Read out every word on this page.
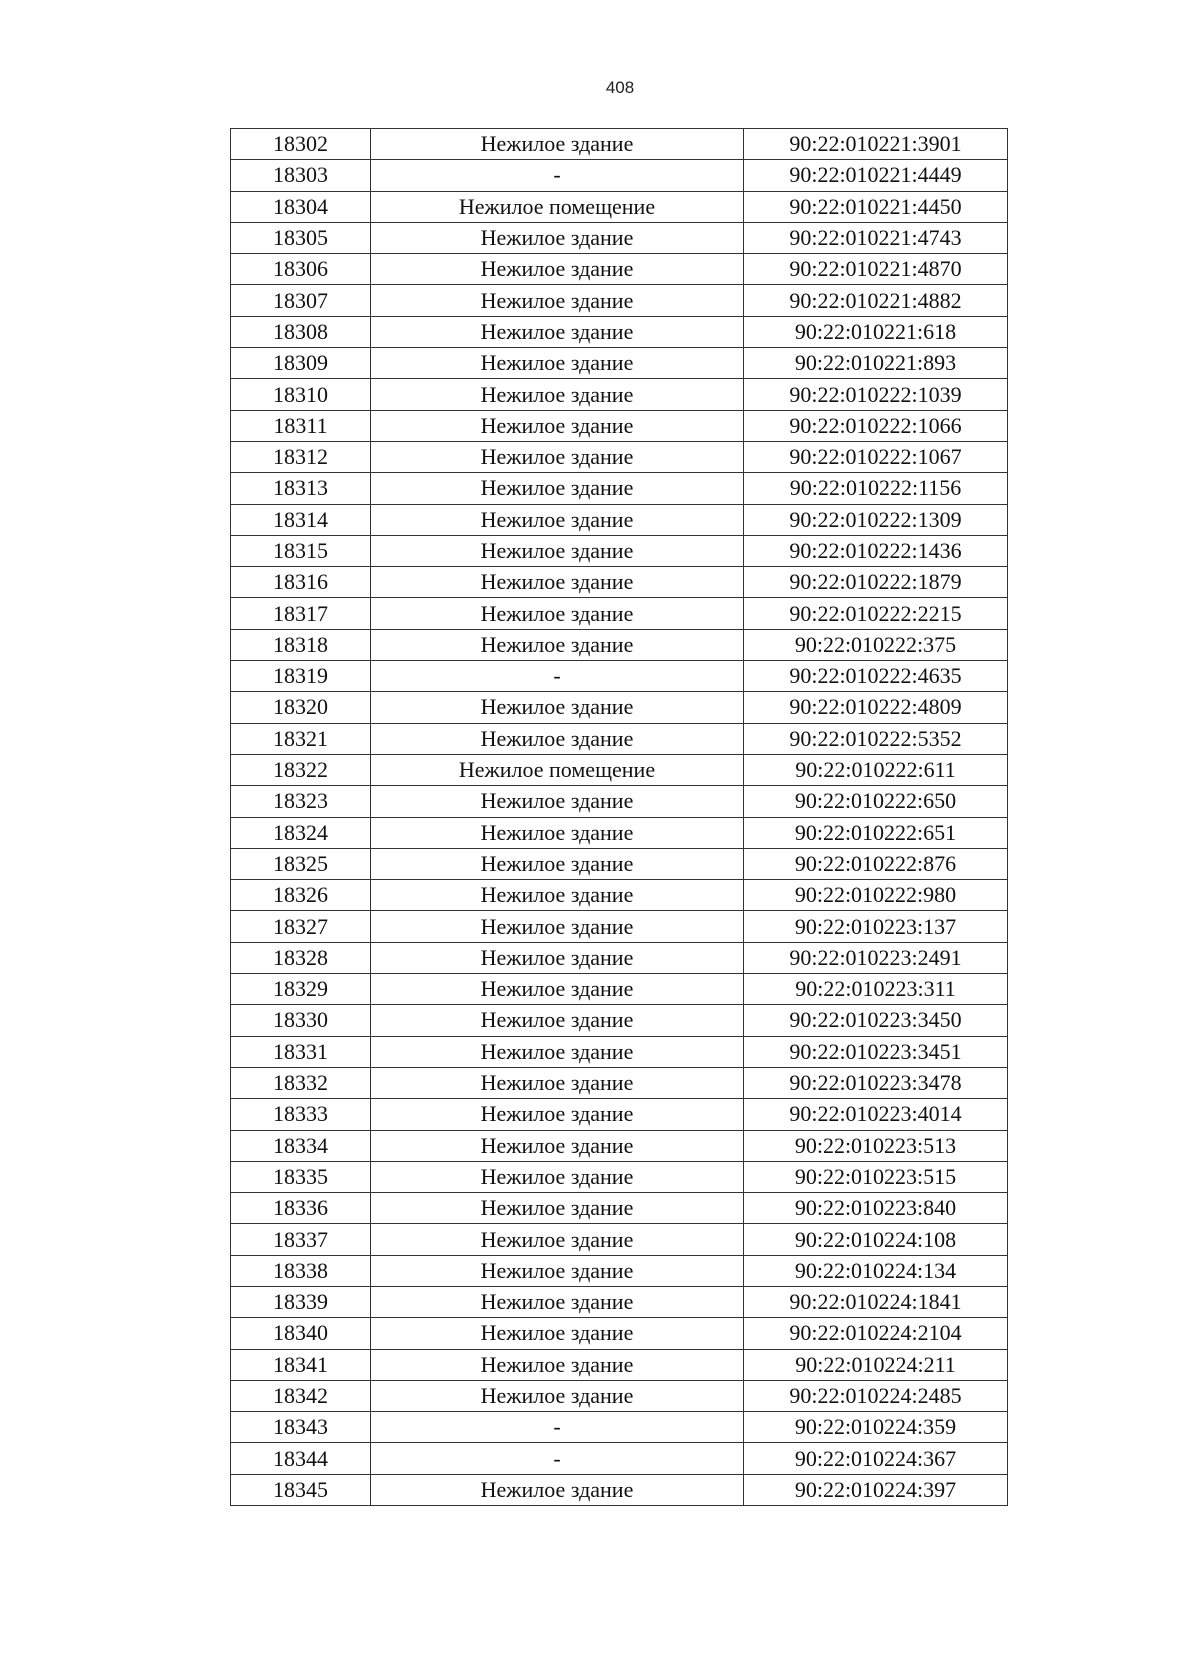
408
18302	Нежилое здание	90:22:010221:3901
18303	-	90:22:010221:4449
18304	Нежилое помещение	90:22:010221:4450
18305	Нежилое здание	90:22:010221:4743
18306	Нежилое здание	90:22:010221:4870
18307	Нежилое здание	90:22:010221:4882
18308	Нежилое здание	90:22:010221:618
18309	Нежилое здание	90:22:010221:893
18310	Нежилое здание	90:22:010222:1039
18311	Нежилое здание	90:22:010222:1066
18312	Нежилое здание	90:22:010222:1067
18313	Нежилое здание	90:22:010222:1156
18314	Нежилое здание	90:22:010222:1309
18315	Нежилое здание	90:22:010222:1436
18316	Нежилое здание	90:22:010222:1879
18317	Нежилое здание	90:22:010222:2215
18318	Нежилое здание	90:22:010222:375
18319	-	90:22:010222:4635
18320	Нежилое здание	90:22:010222:4809
18321	Нежилое здание	90:22:010222:5352
18322	Нежилое помещение	90:22:010222:611
18323	Нежилое здание	90:22:010222:650
18324	Нежилое здание	90:22:010222:651
18325	Нежилое здание	90:22:010222:876
18326	Нежилое здание	90:22:010222:980
18327	Нежилое здание	90:22:010223:137
18328	Нежилое здание	90:22:010223:2491
18329	Нежилое здание	90:22:010223:311
18330	Нежилое здание	90:22:010223:3450
18331	Нежилое здание	90:22:010223:3451
18332	Нежилое здание	90:22:010223:3478
18333	Нежилое здание	90:22:010223:4014
18334	Нежилое здание	90:22:010223:513
18335	Нежилое здание	90:22:010223:515
18336	Нежилое здание	90:22:010223:840
18337	Нежилое здание	90:22:010224:108
18338	Нежилое здание	90:22:010224:134
18339	Нежилое здание	90:22:010224:1841
18340	Нежилое здание	90:22:010224:2104
18341	Нежилое здание	90:22:010224:211
18342	Нежилое здание	90:22:010224:2485
18343	-	90:22:010224:359
18344	-	90:22:010224:367
18345	Нежилое здание	90:22:010224:397
